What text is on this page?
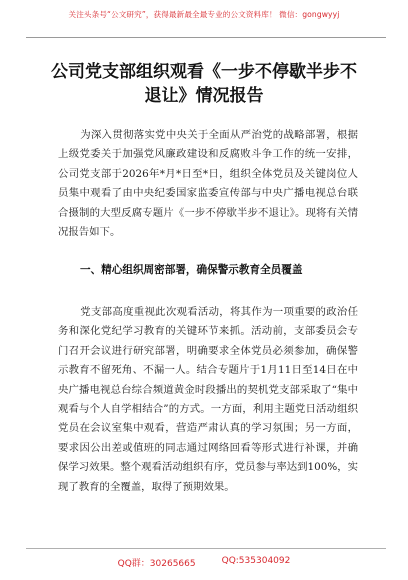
关注头条号“公文研究”，获得最新最全最专业的公文资料库！ 微信：gongwyyj
公司党支部组织观看《一步不停歇半步不
退让》情况报告
为深入贯彻落实党中央关于全面从严治党的战略部署，根据上级党委关于加强党风廉政建设和反腐败斗争工作的统一安排，公司党支部于2026年*月*日至*日，组织全体党员及关键岗位人员集中观看了由中央纪委国家监委宣传部与中央广播电视总台联合摄制的大型反腐专题片《一步不停歇半步不退让》。现将有关情况报告如下。
一、精心组织周密部署，确保警示教育全员覆盖
党支部高度重视此次观看活动，将其作为一项重要的政治任务和深化党纪学习教育的关键环节来抓。活动前，支部委员会专门召开会议进行研究部署，明确要求全体党员必须参加，确保警示教育不留死角、不漏一人。结合专题片于1月11日至14日在中央广播电视总台综合频道黄金时段播出的契机党支部采取了“集中观看与个人自学相结合”的方式。一方面，利用主题党日活动组织党员在会议室集中观看，营造严肃认真的学习氛围；另一方面，要求因公出差或值班的同志通过网络回看等形式进行补课，并确保学习效果。整个观看活动组织有序，党员参与率达到100%，实现了教育的全覆盖，取得了预期效果。
QQ群：30265665	QQ:535304092
